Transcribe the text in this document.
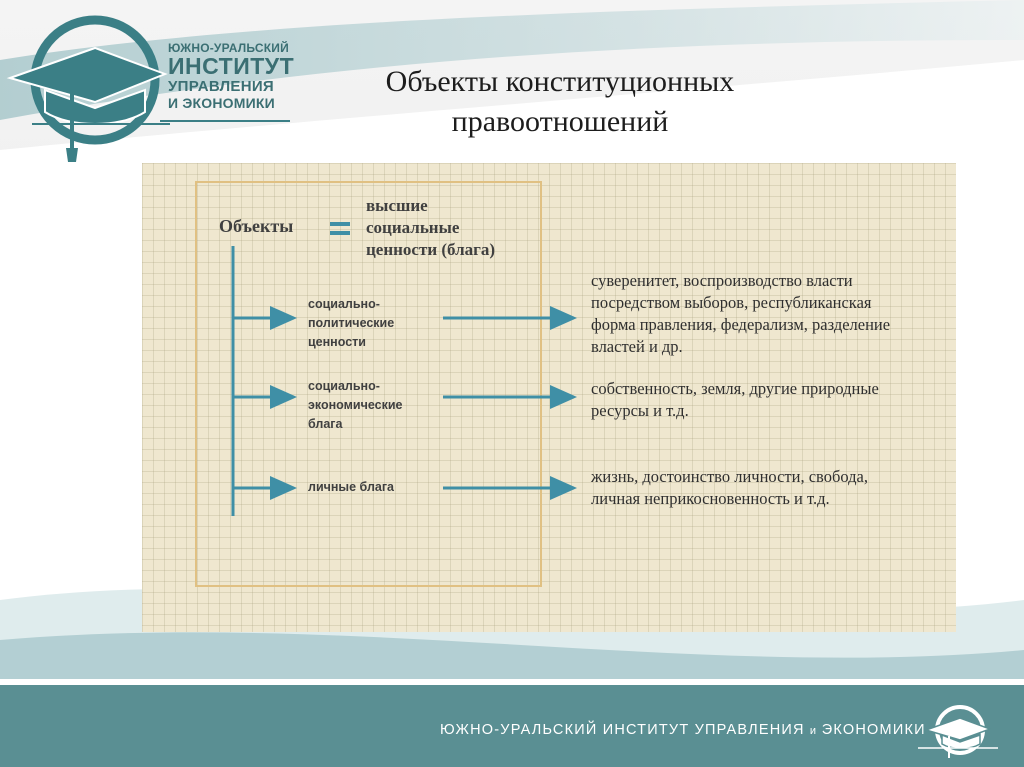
ЮЖНО-УРАЛЬСКИЙ
ИНСТИТУТ
УПРАВЛЕНИЯ
И ЭКОНОМИКИ
Объекты конституционных
правоотношений
Объекты
высшие
социальные
ценности (блага)
социально-
политические
ценности
суверенитет, воспроизводство власти
посредством выборов, республиканская
форма правления, федерализм, разделение
властей и др.
социально-
экономические
блага
собственность, земля, другие природные
ресурсы и т.д.
личные блага
жизнь, достоинство личности, свобода,
личная неприкосновенность и т.д.
ЮЖНО-УРАЛЬСКИЙ ИНСТИТУТ УПРАВЛЕНИЯ и ЭКОНОМИКИ
